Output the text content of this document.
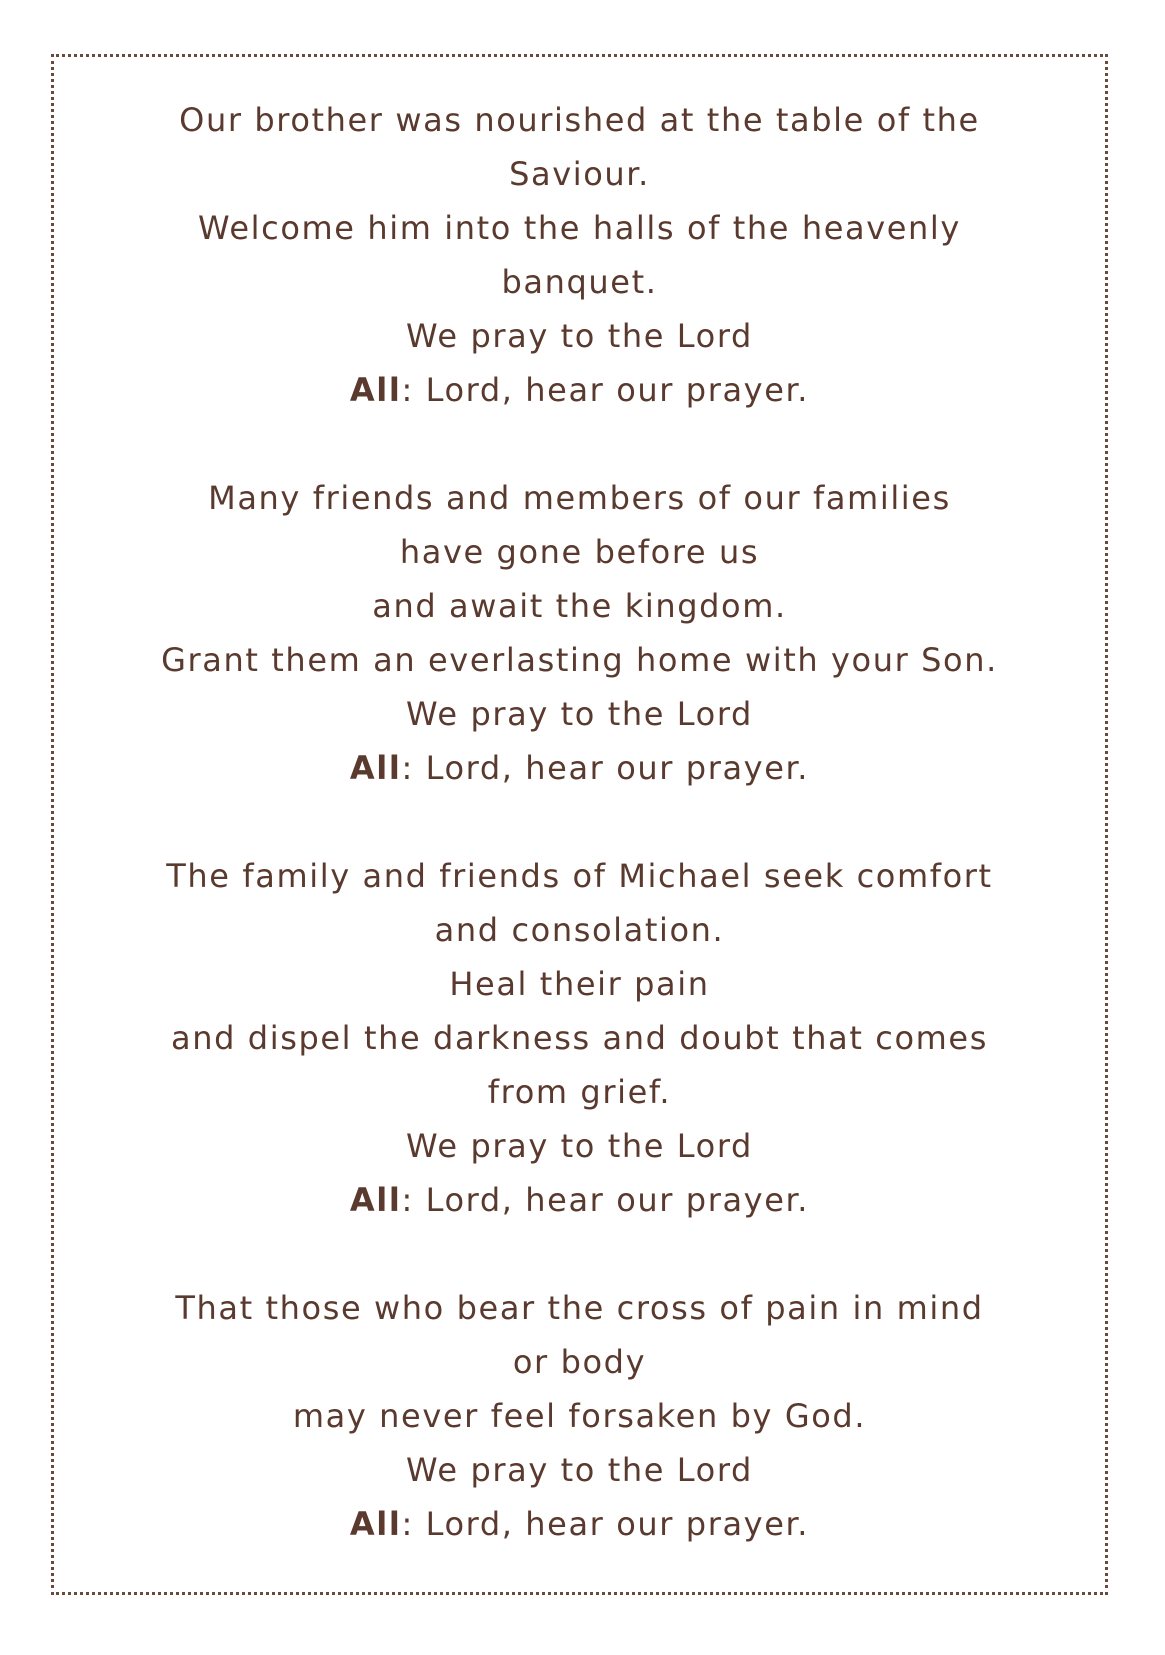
Our brother was nourished at the table of the
Saviour.
Welcome him into the halls of the heavenly
banquet.
We pray to the Lord
All: Lord, hear our prayer.
Many friends and members of our families
have gone before us
and await the kingdom.
Grant them an everlasting home with your Son.
We pray to the Lord
All: Lord, hear our prayer.
The family and friends of Michael seek comfort
and consolation.
Heal their pain
and dispel the darkness and doubt that comes
from grief.
We pray to the Lord
All: Lord, hear our prayer.
That those who bear the cross of pain in mind
or body
may never feel forsaken by God.
We pray to the Lord
All: Lord, hear our prayer.
